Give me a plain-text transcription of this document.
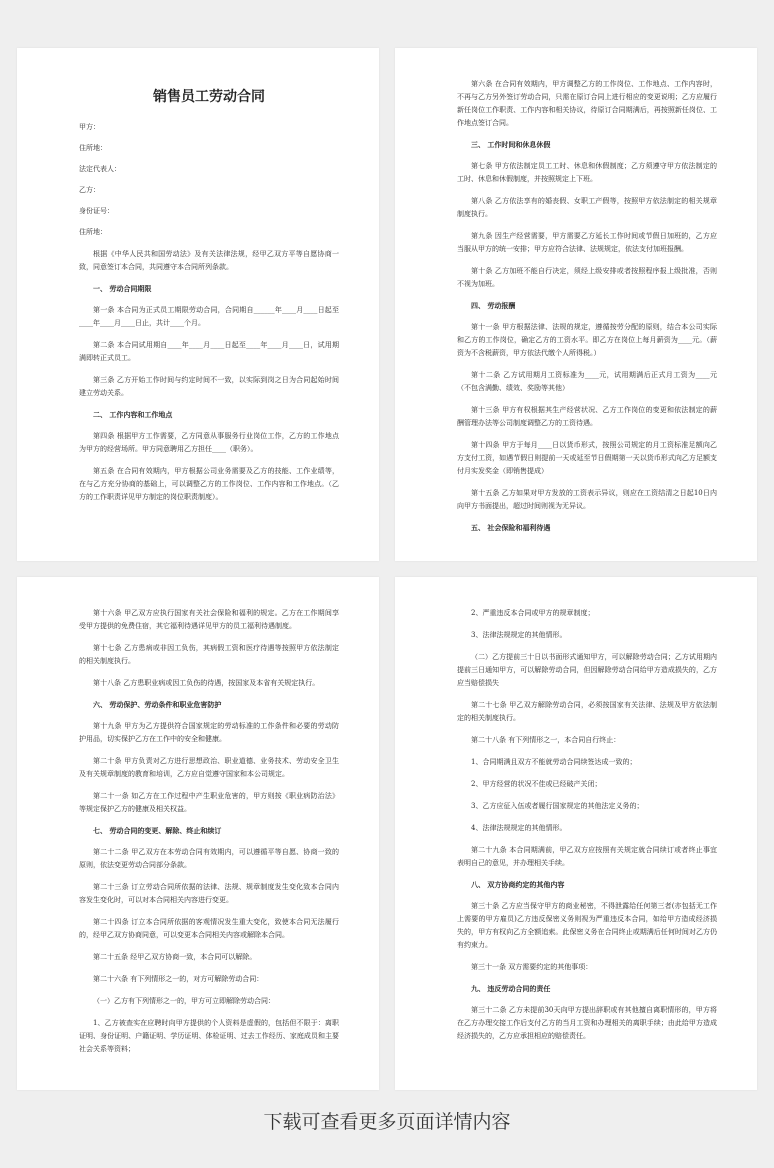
销售员工劳动合同
甲方：
住所地：
法定代表人：
乙方：
身份证号：
住所地：
根据《中华人民共和国劳动法》及有关法律法规，经甲乙双方平等自愿协商一致，同意签订本合同，共同遵守本合同所列条款。
一、 劳动合同期限
第一条 本合同为正式员工期限劳动合同，合同期自______年____月____日起至____年____月____日止，共计____个月。
第二条 本合同试用期自____年____月____日起至____年____月____日，试用期满即转正式员工。
第三条 乙方开始工作时间与约定时间不一致，以实际到岗之日为合同起始时间建立劳动关系。
二、 工作内容和工作地点
第四条 根据甲方工作需要，乙方同意从事服务行业岗位工作，乙方的工作地点为甲方的经营场所。甲方同意聘用乙方担任____（职务）。
第五条 在合同有效期内，甲方根据公司业务需要及乙方的技能、工作业绩等，在与乙方充分协商的基础上，可以调整乙方的工作岗位、工作内容和工作地点。（乙方的工作职责详见甲方制定的岗位职责制度）。
第六条 在合同有效期内，甲方调整乙方的工作岗位、工作地点、工作内容时，不再与乙方另外签订劳动合同，只需在原订合同上进行相应的变更说明；乙方应履行新任岗位工作职责、工作内容和相关协议，待原订合同期满后，再按照新任岗位、工作地点签订合同。
三、 工作时间和休息休假
第七条 甲方依法制定员工工时、休息和休假制度；乙方须遵守甲方依法制定的工时、休息和休假制度，并按照规定上下班。
第八条 乙方依法享有的婚丧假、女职工产假等，按照甲方依法制定的相关规章制度执行。
第九条 因生产经营需要，甲方需要乙方延长工作时间或节假日加班的，乙方应当服从甲方的统一安排；甲方应符合法律、法规规定，依法支付加班报酬。
第十条 乙方加班不能自行决定，须经上级安排或者按照程序报上级批准，否则不视为加班。
四、 劳动报酬
第十一条 甲方根据法律、法规的规定，遵循按劳分配的原则，结合本公司实际和乙方的工作岗位，确定乙方的工资水平。即乙方在岗位上每月薪资为____元。（薪资为不含税薪资，甲方依法代缴个人所得税。）
第十二条 乙方试用期月工资标准为____元，试用期满后正式月工资为____元（不包含满勤、绩效、奖励等其他）
第十三条 甲方有权根据其生产经营状况、乙方工作岗位的变更和依法制定的薪酬管理办法等公司制度调整乙方的工资待遇。
第十四条 甲方于每月____日以货币形式，按照公司规定的月工资标准足额向乙方支付工资，如遇节假日则提前一天或延至节日假期第一天以货币形式向乙方足额支付月实发奖金（即销售提成）
第十五条 乙方如果对甲方发放的工资表示异议，则应在工资结清之日起10日内向甲方书面提出，超过时间则视为无异议。
五、 社会保险和福利待遇
第十六条 甲乙双方应执行国家有关社会保险和福利的规定。乙方在工作期间享受甲方提供的免费住宿，其它福利待遇详见甲方的员工福利待遇制度。
第十七条 乙方患病或非因工负伤，其病假工资和医疗待遇等按照甲方依法制定的相关制度执行。
第十八条 乙方患职业病或因工负伤的待遇，按国家及本省有关规定执行。
六、 劳动保护、劳动条件和职业危害防护
第十九条 甲方为乙方提供符合国家规定的劳动标准的工作条件和必要的劳动防护用品，切实保护乙方在工作中的安全和健康。
第二十条 甲方负责对乙方进行思想政治、职业道德、业务技术、劳动安全卫生及有关规章制度的教育和培训，乙方应自觉遵守国家和本公司规定。
第二十一条 如乙方在工作过程中产生职业危害的，甲方则按《职业病防治法》等规定保护乙方的健康及相关权益。
七、 劳动合同的变更、解除、终止和续订
第二十二条 甲乙双方在本劳动合同有效期内，可以遵循平等自愿、协商一致的原则，依法变更劳动合同部分条款。
第二十三条 订立劳动合同所依据的法律、法规、规章制度发生变化致本合同内容发生变化时，可以对本合同相关内容进行变更。
第二十四条 订立本合同所依据的客观情况发生重大变化，致使本合同无法履行的，经甲乙双方协商同意，可以变更本合同相关内容或解除本合同。
第二十五条 经甲乙双方协商一致，本合同可以解除。
第二十六条 有下列情形之一的，对方可解除劳动合同：
（一）乙方有下列情形之一的，甲方可立即解除劳动合同：
1、乙方被查实在应聘时向甲方提供的个人资料是虚假的，包括但不限于：离职证明、身份证明、户籍证明、学历证明、体检证明、过去工作经历、家庭成员和主要社会关系等资料；
2、严重违反本合同或甲方的规章制度；
3、法律法规规定的其他情形。
（二）乙方提前三十日以书面形式通知甲方，可以解除劳动合同；乙方试用期内提前三日通知甲方，可以解除劳动合同，但因解除劳动合同给甲方造成损失的，乙方应当赔偿损失
第二十七条 甲乙双方解除劳动合同，必须按国家有关法律、法规及甲方依法制定的相关制度执行。
第二十八条 有下列情形之一，本合同自行终止：
1、合同期满且双方不能就劳动合同续签达成一致的；
2、甲方经营的状况不佳或已经破产关闭；
3、乙方应征入伍或者履行国家规定的其他法定义务的；
4、法律法规规定的其他情形。
第二十九条 本合同期满前，甲乙双方应按照有关规定就合同续订或者终止事宜表明自己的意见，并办理相关手续。
八、 双方协商约定的其他内容
第三十条 乙方应当保守甲方的商业秘密，不得泄露给任何第三者(亦包括无工作上需要的甲方雇员)乙方违反保密义务则视为严重违反本合同，如给甲方造成经济损失的，甲方有权向乙方全额追索。此保密义务在合同终止或期满后任何时间对乙方仍有约束力。
第三十一条 双方需要约定的其他事项：
九、 违反劳动合同的责任
第三十二条 乙方未提前30天向甲方提出辞职或有其他擅自离职情形的，甲方将在乙方办理交接工作后支付乙方的当月工资和办理相关的离职手续；由此给甲方造成经济损失的，乙方应承担相应的赔偿责任。
下载可查看更多页面详情内容
